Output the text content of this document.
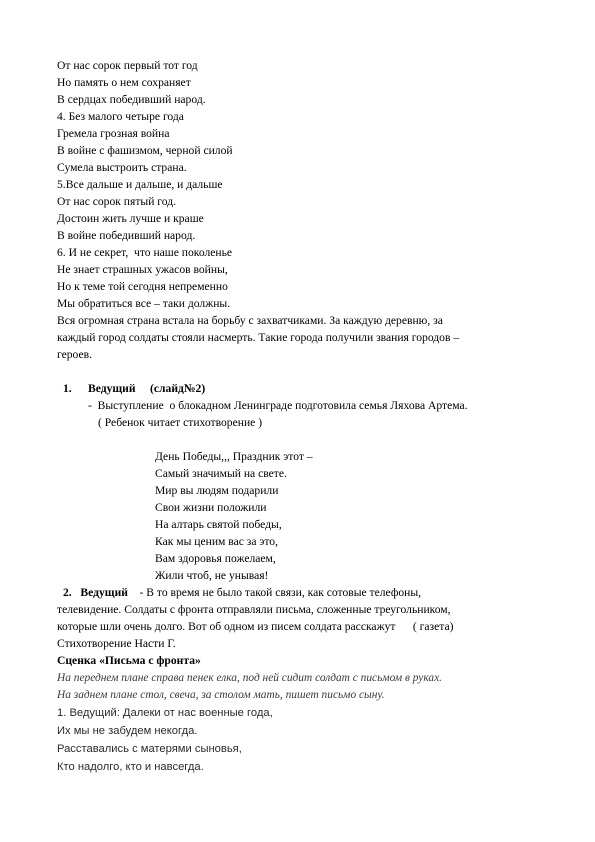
От нас сорок первый тот год
Но память о нем сохраняет
В сердцах победивший народ.
4. Без малого четыре года
Гремела грозная война
В войне с фашизмом, черной силой
Сумела выстроить страна.
5.Все дальше и дальше, и дальше
От нас сорок пятый год.
Достоин жить лучше и краше
В войне победивший народ.
6. И не секрет,  что наше поколенье
Не знает страшных ужасов войны,
Но к теме той сегодня непременно
Мы обратиться все – таки должны.
Вся огромная страна встала на борьбу с захватчиками. За каждую деревню, за
каждый город солдаты стояли насмерть. Такие города получили звания городов –
героев.
1. Ведущий     (слайд№2)
-  Выступление  о блокадном Ленинграде подготовила семья Ляхова Артема.
( Ребенок читает стихотворение )
День Победы,,, Праздник этот –
Самый значимый на свете.
Мир вы людям подарили
Свои жизни положили
На алтарь святой победы,
Как мы ценим вас за это,
Вам здоровья пожелаем,
Жили чтоб, не унывая!
2.   Ведущий    - В то время не было такой связи, как сотовые телефоны,
телевидение. Солдаты с фронта отправляли письма, сложенные треугольником,
которые шли очень долго. Вот об одном из писем солдата расскажут      ( газета)
Стихотворение Насти Г.
Сценка «Письма с фронта»
На переднем плане справа пенек елка, под ней сидит солдат с письмом в руках.
На заднем плане стол, свеча, за столом мать, пишет письмо сыну.
1. Ведущий: Далеки от нас военные года,
Их мы не забудем некогда.
Расставались с матерями сыновья,
Кто надолго, кто и навсегда.
